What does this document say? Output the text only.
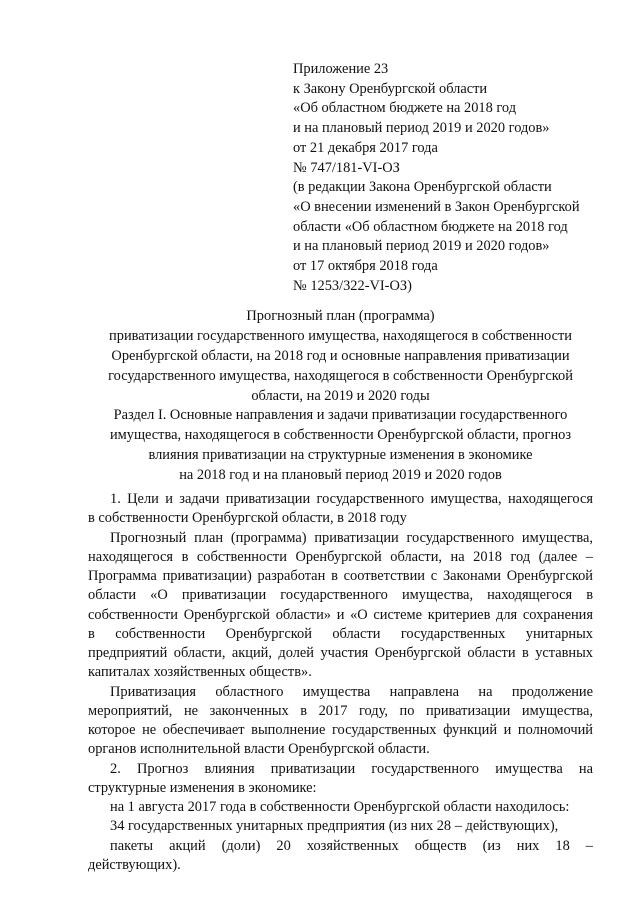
Приложение 23
к Закону Оренбургской области
«Об областном бюджете на 2018 год
и на плановый период 2019 и 2020 годов»
от 21 декабря 2017 года
№ 747/181-VI-ОЗ
(в редакции Закона Оренбургской области
«О внесении изменений в Закон Оренбургской
области «Об областном бюджете на 2018 год
и на плановый период 2019 и 2020 годов»
от 17 октября 2018 года
№ 1253/322-VI-ОЗ)
Прогнозный план (программа)
приватизации государственного имущества, находящегося в собственности
Оренбургской области, на 2018 год и основные направления приватизации
государственного имущества, находящегося в собственности Оренбургской
области, на 2019 и 2020 годы
Раздел I. Основные направления и задачи приватизации государственного
имущества, находящегося в собственности Оренбургской области, прогноз
влияния приватизации на структурные изменения в экономике
на 2018 год и на плановый период 2019 и 2020 годов
1. Цели и задачи приватизации государственного имущества, находящегося
в собственности Оренбургской области, в 2018 году
Прогнозный план (программа) приватизации государственного имущества,
находящегося в собственности Оренбургской области, на 2018 год (далее –
Программа приватизации) разработан в соответствии с Законами Оренбургской
области «О приватизации государственного имущества, находящегося в
собственности Оренбургской области» и «О системе критериев для сохранения
в собственности Оренбургской области государственных унитарных
предприятий области, акций, долей участия Оренбургской области в уставных
капиталах хозяйственных обществ».
Приватизация областного имущества направлена на продолжение
мероприятий, не законченных в 2017 году, по приватизации имущества,
которое не обеспечивает выполнение государственных функций и полномочий
органов исполнительной власти Оренбургской области.
2. Прогноз влияния приватизации государственного имущества на
структурные изменения в экономике:
на 1 августа 2017 года в собственности Оренбургской области находилось:
34 государственных унитарных предприятия (из них 28 – действующих),
пакеты акций (доли) 20 хозяйственных обществ (из них 18 –
действующих).
